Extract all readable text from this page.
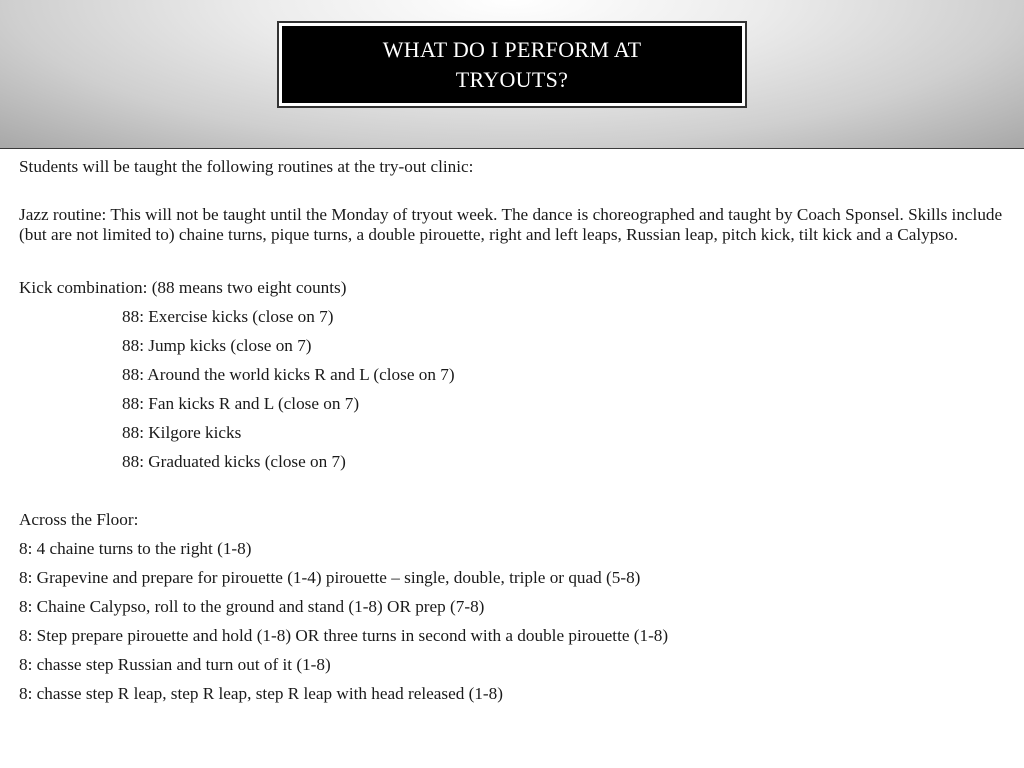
WHAT DO I PERFORM AT TRYOUTS?

Students will be taught the following routines at the try-out clinic:

Jazz routine: This will not be taught until the Monday of tryout week. The dance is choreographed and taught by Coach Sponsel. Skills include (but are not limited to) chaine turns, pique turns, a double pirouette, right and left leaps, Russian leap, pitch kick, tilt kick and a Calypso.

Kick combination: (88 means two eight counts)
88: Exercise kicks (close on 7)
88: Jump kicks (close on 7)
88: Around the world kicks R and L (close on 7)
88: Fan kicks R and L (close on 7)
88: Kilgore kicks
88: Graduated kicks (close on 7)
Across the Floor:
8: 4 chaine turns to the right (1-8)
8: Grapevine and prepare for pirouette (1-4) pirouette – single, double, triple or quad (5-8)
8: Chaine Calypso, roll to the ground and stand (1-8) OR prep (7-8)
8: Step prepare pirouette and hold (1-8) OR three turns in second with a double pirouette (1-8)
8: chasse step Russian and turn out of it (1-8)
8: chasse step R leap, step R leap, step R leap with head released (1-8)
